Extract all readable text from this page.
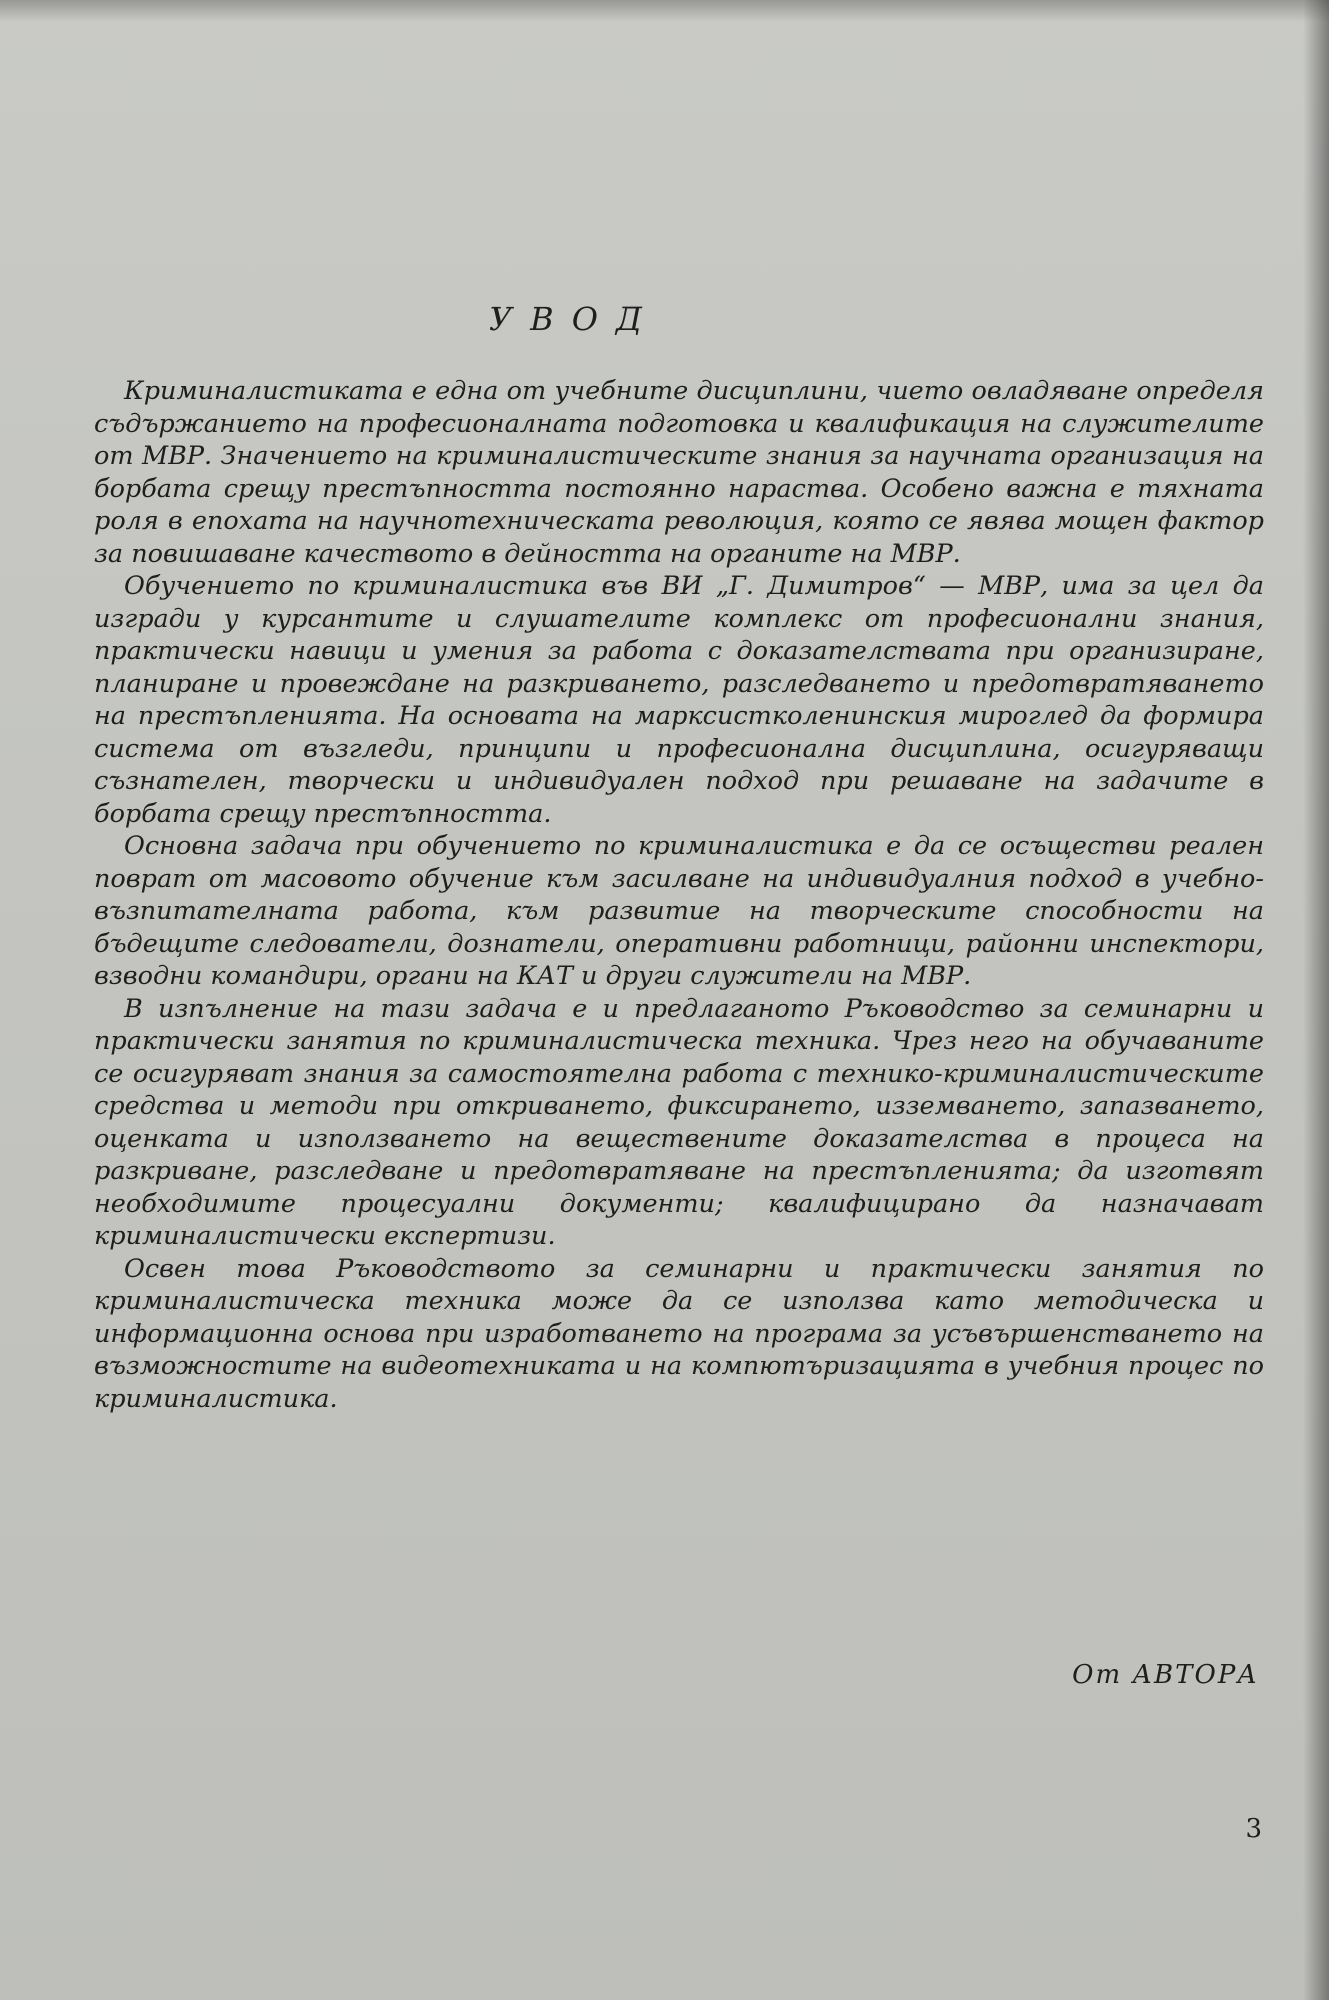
УВОД

Криминалистиката е една от учебните дисциплини, чието овладяване определя съдържанието на професионалната подготовка и квалификация на служителите от МВР. Значението на криминалистическите знания за научната организация на борбата срещу престъпността постоянно нараства. Особено важна е тяхната роля в епохата на научнотехническата революция, която се явява мощен фактор за повишаване качеството в дейността на органите на МВР.

Обучението по криминалистика във ВИ „Г. Димитров“ — МВР, има за цел да изгради у курсантите и слушателите комплекс от професионални знания, практически навици и умения за работа с доказателствата при организиране, планиране и провеждане на разкриването, разследването и предотвратяването на престъпленията. На основата на марксистколенинския мироглед да формира система от възгледи, принципи и професионална дисциплина, осигуряващи съзнателен, творчески и индивидуален подход при решаване на задачите в борбата срещу престъпността.

Основна задача при обучението по криминалистика е да се осъществи реален поврат от масовото обучение към засилване на индивидуалния подход в учебно-възпитателната работа, към развитие на творческите способности на бъдещите следователи, дознатели, оперативни работници, районни инспектори, взводни командири, органи на КАТ и други служители на МВР.

В изпълнение на тази задача е и предлаганото Ръководство за семинарни и практически занятия по криминалистическа техника. Чрез него на обучаваните се осигуряват знания за самостоятелна работа с технико-криминалистическите средства и методи при откриването, фиксирането, изземването, запазването, оценката и използването на веществените доказателства в процеса на разкриване, разследване и предотвратяване на престъпленията; да изготвят необходимите процесуални документи; квалифицирано да назначават криминалистически експертизи.

Освен това Ръководството за семинарни и практически занятия по криминалистическа техника може да се използва като методическа и информационна основа при изработването на програма за усъвършенстването на възможностите на видеотехниката и на компютъризацията в учебния процес по криминалистика.

От АВТОРА
3
